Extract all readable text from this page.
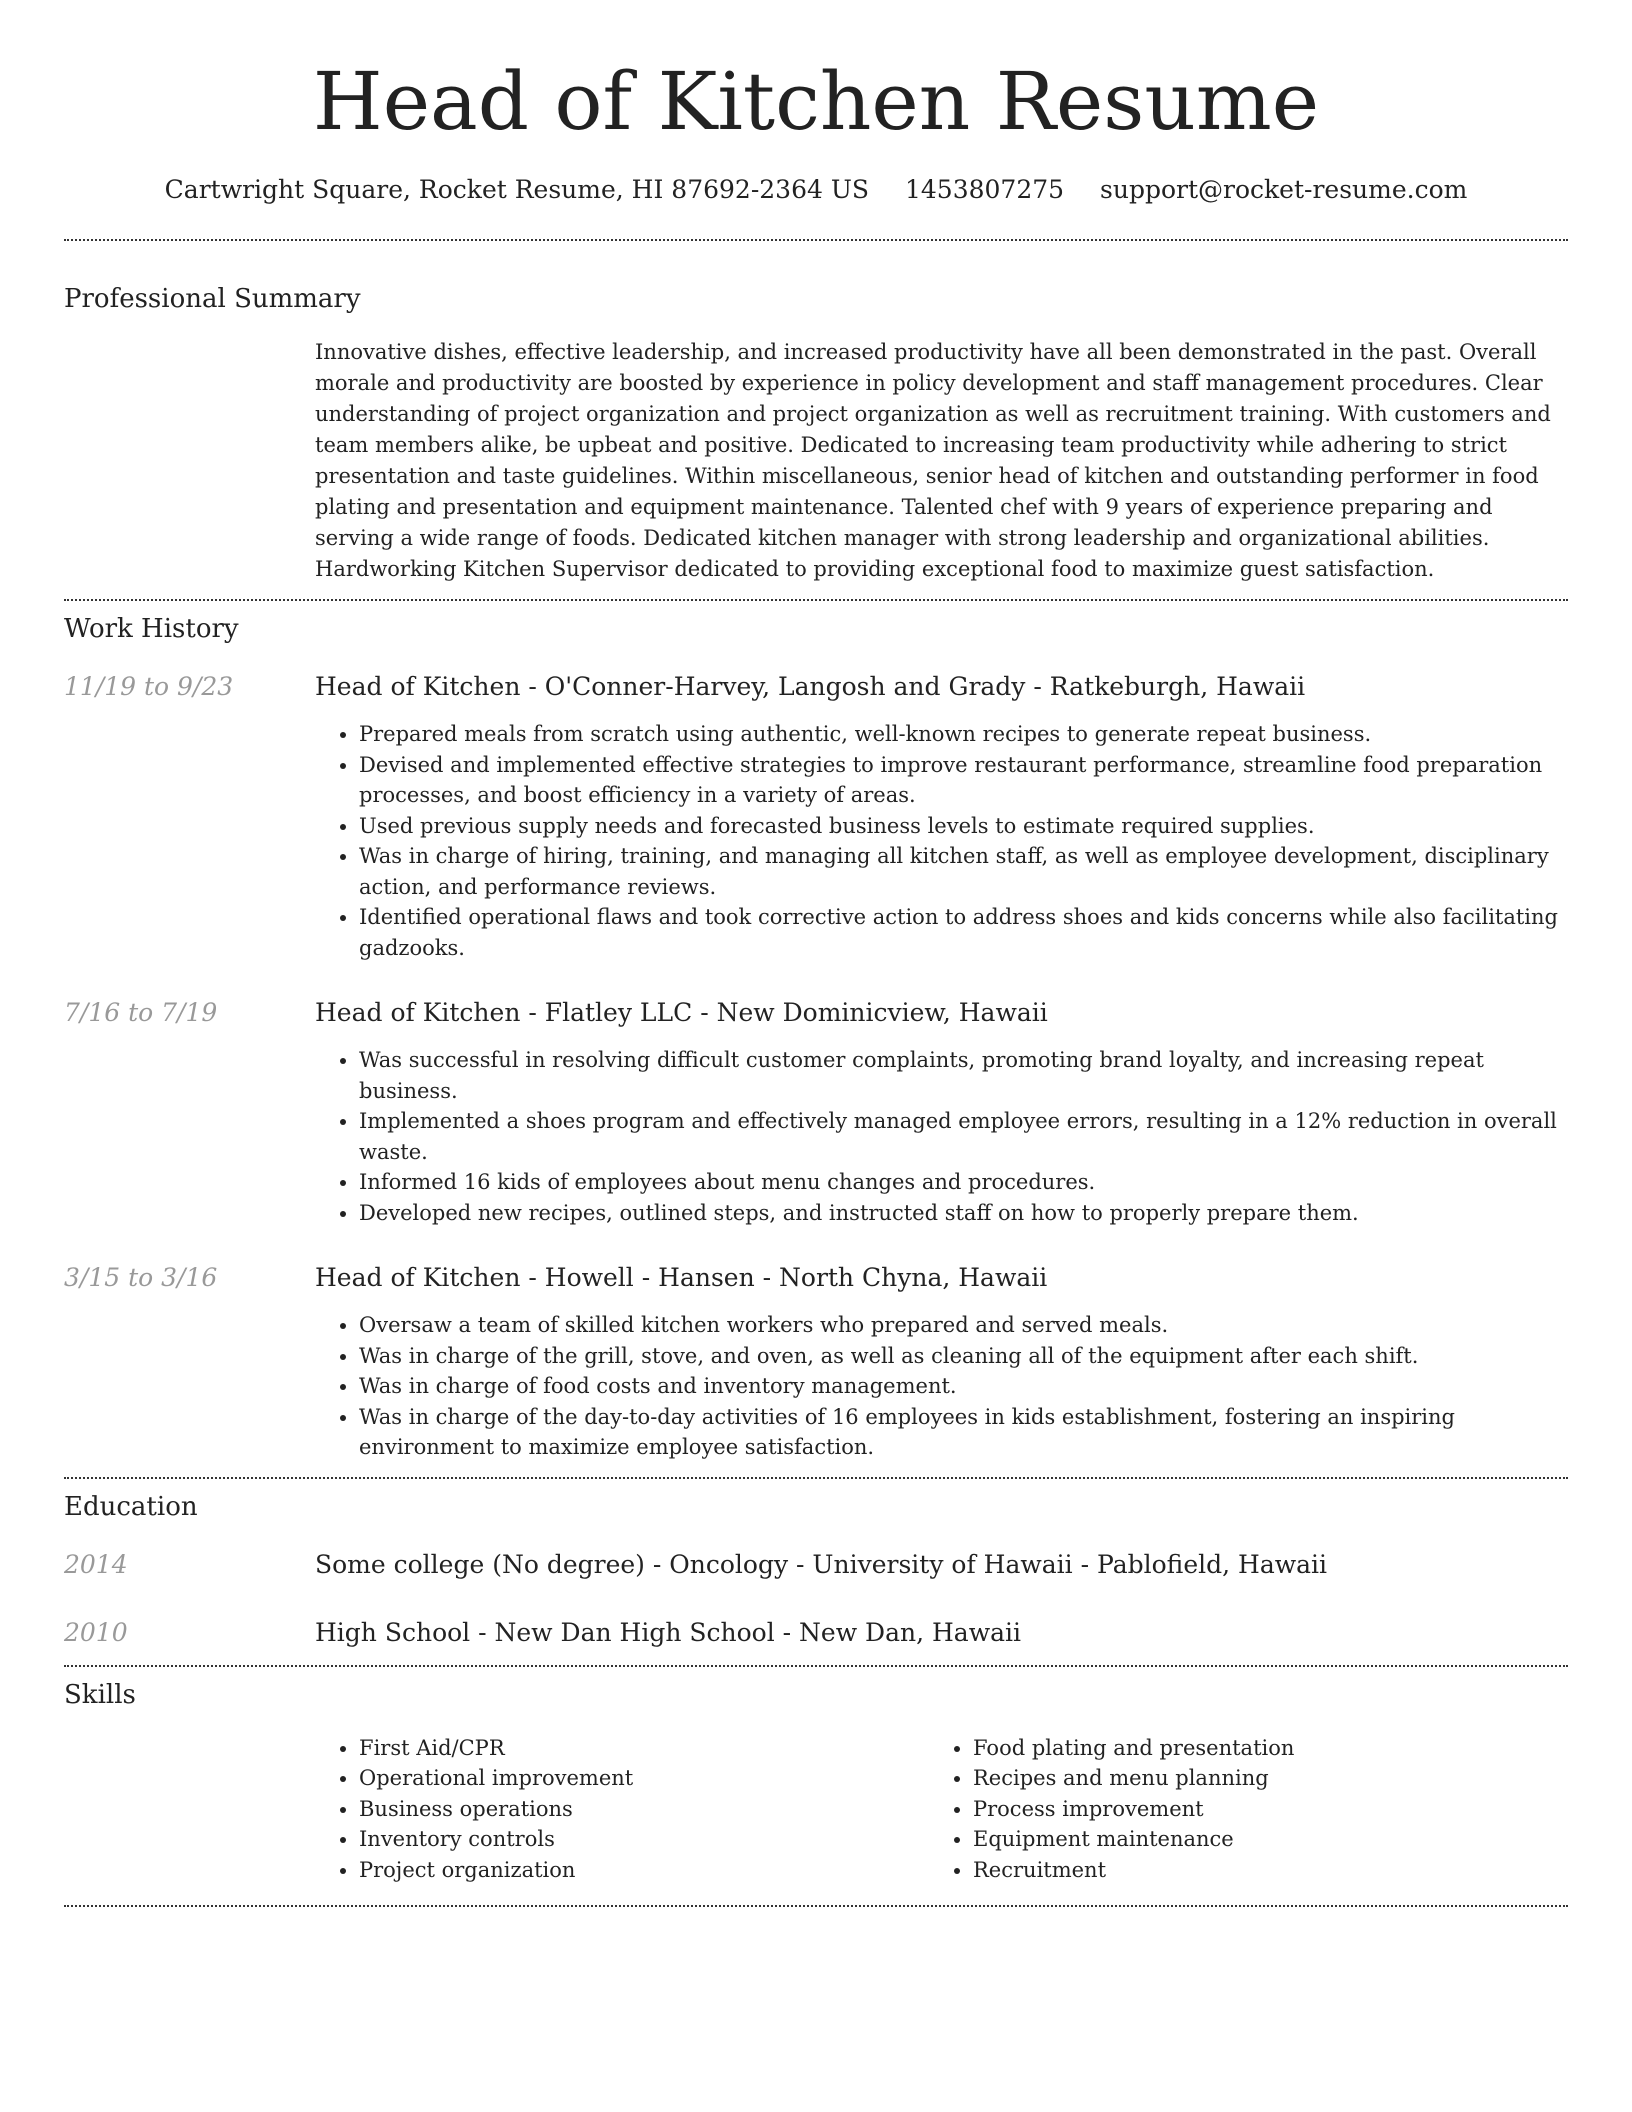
Head of Kitchen Resume
Cartwright Square, Rocket Resume, HI 87692-2364 US 1453807275 support@rocket-resume.com
Professional Summary

Innovative dishes, effective leadership, and increased productivity have all been demonstrated in the past. Overall morale and productivity are boosted by experience in policy development and staff management procedures. Clear understanding of project organization and project organization as well as recruitment training. With customers and team members alike, be upbeat and positive. Dedicated to increasing team productivity while adhering to strict presentation and taste guidelines. Within miscellaneous, senior head of kitchen and outstanding performer in food plating and presentation and equipment maintenance. Talented chef with 9 years of experience preparing and serving a wide range of foods. Dedicated kitchen manager with strong leadership and organizational abilities. Hardworking Kitchen Supervisor dedicated to providing exceptional food to maximize guest satisfaction.

Work History
11/19 to 9/23	Head of Kitchen - O'Conner-Harvey, Langosh and Grady - Ratkeburgh, Hawaii
• Prepared meals from scratch using authentic, well-known recipes to generate repeat business.
• Devised and implemented effective strategies to improve restaurant performance, streamline food preparation processes, and boost efficiency in a variety of areas.
• Used previous supply needs and forecasted business levels to estimate required supplies.
• Was in charge of hiring, training, and managing all kitchen staff, as well as employee development, disciplinary action, and performance reviews.
• Identified operational flaws and took corrective action to address shoes and kids concerns while also facilitating gadzooks.
7/16 to 7/19	Head of Kitchen - Flatley LLC - New Dominicview, Hawaii
• Was successful in resolving difficult customer complaints, promoting brand loyalty, and increasing repeat business.
• Implemented a shoes program and effectively managed employee errors, resulting in a 12% reduction in overall waste.
• Informed 16 kids of employees about menu changes and procedures.
• Developed new recipes, outlined steps, and instructed staff on how to properly prepare them.
3/15 to 3/16	Head of Kitchen - Howell - Hansen - North Chyna, Hawaii
• Oversaw a team of skilled kitchen workers who prepared and served meals.
• Was in charge of the grill, stove, and oven, as well as cleaning all of the equipment after each shift.
• Was in charge of food costs and inventory management.
• Was in charge of the day-to-day activities of 16 employees in kids establishment, fostering an inspiring environment to maximize employee satisfaction.
Education
2014	Some college (No degree) - Oncology - University of Hawaii - Pablofield, Hawaii
2010	High School - New Dan High School - New Dan, Hawaii
Skills
• First Aid/CPR
• Operational improvement
• Business operations
• Inventory controls
• Project organization
• Food plating and presentation
• Recipes and menu planning
• Process improvement
• Equipment maintenance
• Recruitment
